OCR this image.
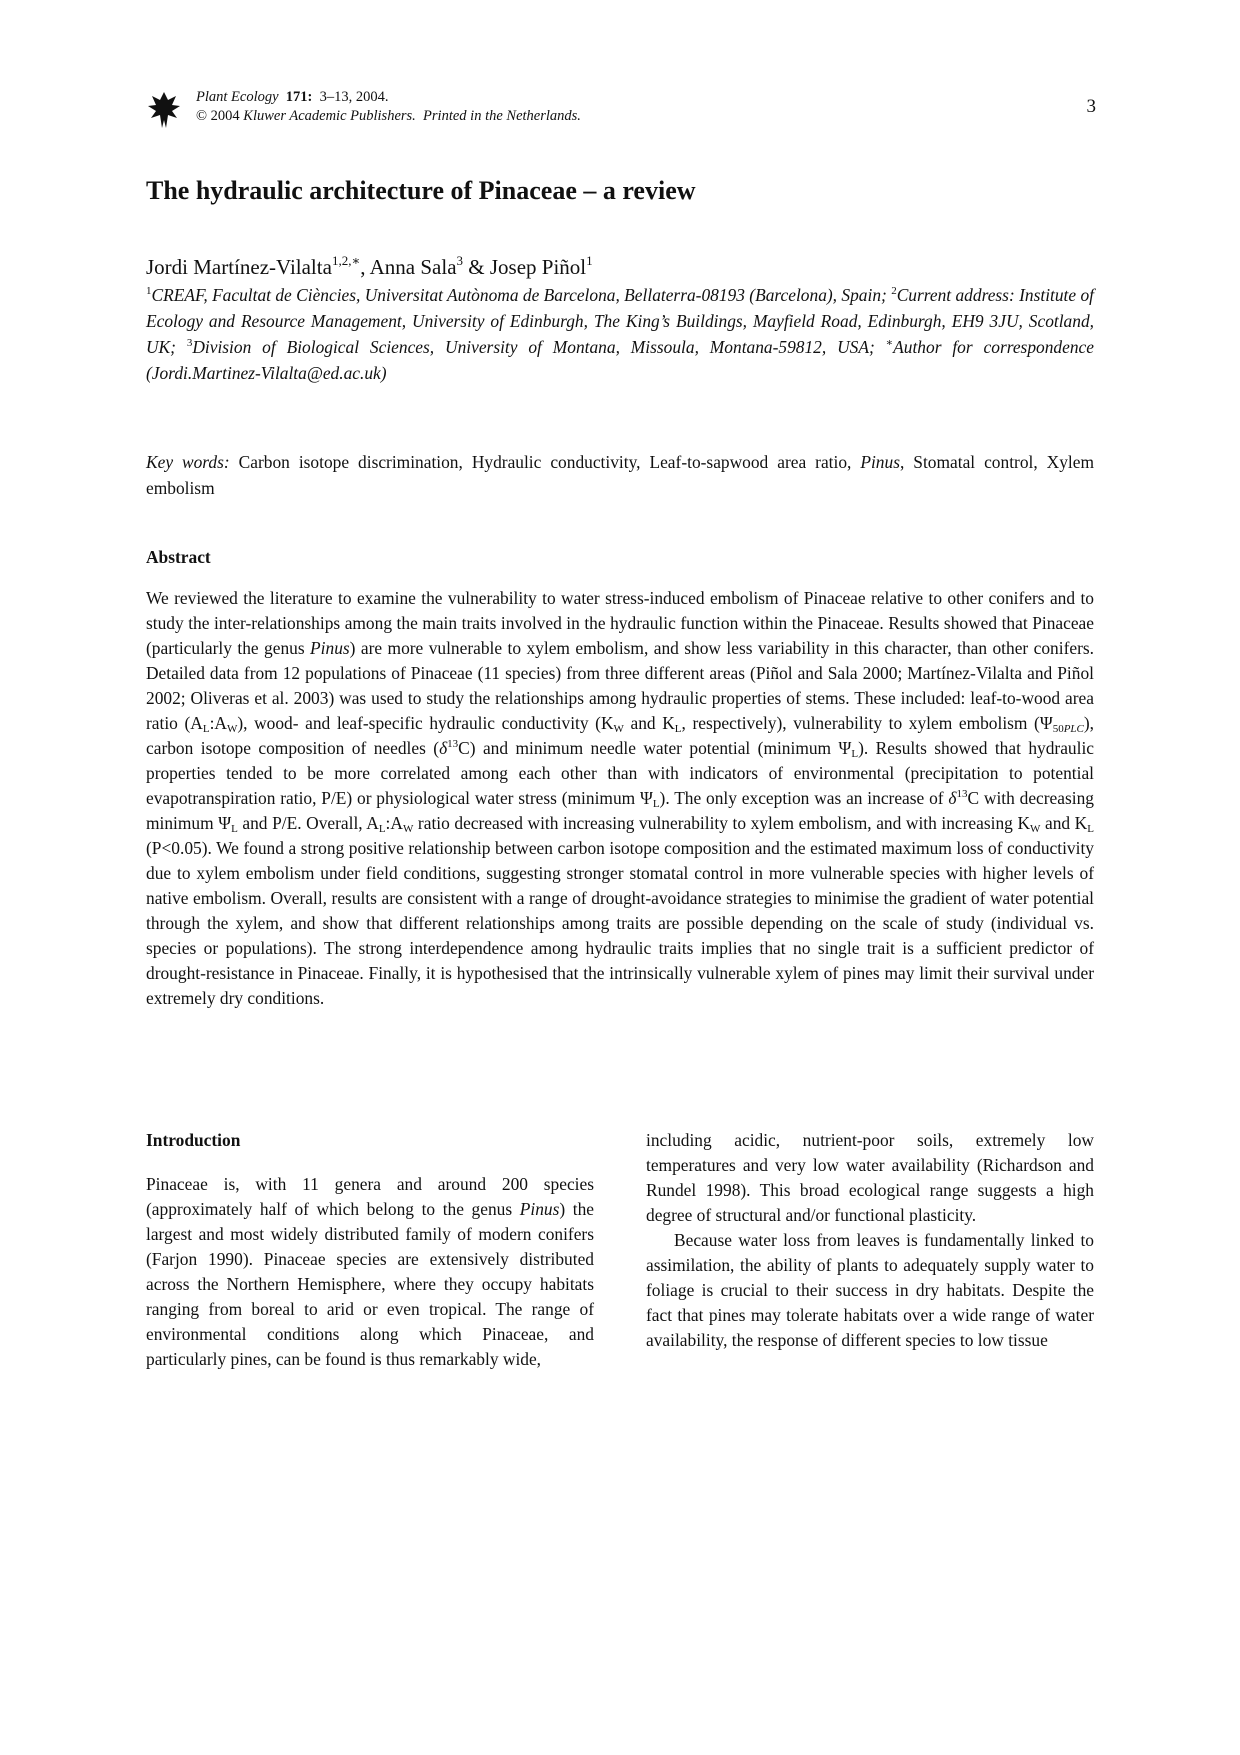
Plant Ecology 171: 3–13, 2004.
© 2004 Kluwer Academic Publishers. Printed in the Netherlands.	3
The hydraulic architecture of Pinaceae – a review
Jordi Martínez-Vilalta$^{1,2,∗}$, Anna Sala$^3$ & Josep Piñol$^1$
$^1$CREAF, Facultat de Ciències, Universitat Autònoma de Barcelona, Bellaterra-08193 (Barcelona), Spain; $^2$Current address: Institute of Ecology and Resource Management, University of Edinburgh, The King’s Buildings, Mayfield Road, Edinburgh, EH9 3JU, Scotland, UK; $^3$Division of Biological Sciences, University of Montana, Missoula, Montana-59812, USA; ∗Author for correspondence (Jordi.Martinez-Vilalta@ed.ac.uk)
Key words: Carbon isotope discrimination, Hydraulic conductivity, Leaf-to-sapwood area ratio, Pinus, Stomatal control, Xylem embolism
Abstract

We reviewed the literature to examine the vulnerability to water stress-induced embolism of Pinaceae relative to other conifers and to study the inter-relationships among the main traits involved in the hydraulic function within the Pinaceae. Results showed that Pinaceae (particularly the genus Pinus) are more vulnerable to xylem embolism, and show less variability in this character, than other conifers. Detailed data from 12 populations of Pinaceae (11 species) from three different areas (Piñol and Sala 2000; Martínez-Vilalta and Piñol 2002; Oliveras et al. 2003) was used to study the relationships among hydraulic properties of stems. These included: leaf-to-wood area ratio $(A_L:A_W)$, wood- and leaf-specific hydraulic conductivity ($K_W$ and $K_L$, respectively), vulnerability to xylem embolism $(\Psi_{50PLC})$, carbon isotope composition of needles $(\delta^{13}C)$ and minimum needle water potential (minimum $\Psi_L$). Results showed that hydraulic properties tended to be more correlated among each other than with indicators of environmental (precipitation to potential evapotranspiration ratio, P/E) or physiological water stress (minimum $\Psi_L$). The only exception was an increase of $\delta^{13}C$ with decreasing minimum $\Psi_L$ and P/E. Overall, $A_L:A_W$ ratio decreased with increasing vulnerability to xylem embolism, and with increasing $K_W$ and $K_L$ (P<0.05). We found a strong positive relationship between carbon isotope composition and the estimated maximum loss of conductivity due to xylem embolism under field conditions, suggesting stronger stomatal control in more vulnerable species with higher levels of native embolism. Overall, results are consistent with a range of drought-avoidance strategies to minimise the gradient of water potential through the xylem, and show that different relationships among traits are possible depending on the scale of study (individual vs. species or populations). The strong interdependence among hydraulic traits implies that no single trait is a sufficient predictor of drought-resistance in Pinaceae. Finally, it is hypothesised that the intrinsically vulnerable xylem of pines may limit their survival under extremely dry conditions.

Introduction

Pinaceae is, with 11 genera and around 200 species (approximately half of which belong to the genus Pinus) the largest and most widely distributed family of modern conifers (Farjon 1990). Pinaceae species are extensively distributed across the Northern Hemisphere, where they occupy habitats ranging from boreal to arid or even tropical. The range of environmental conditions along which Pinaceae, and particularly pines, can be found is thus remarkably wide,

including acidic, nutrient-poor soils, extremely low temperatures and very low water availability (Richardson and Rundel 1998). This broad ecological range suggests a high degree of structural and/or functional plasticity.

Because water loss from leaves is fundamentally linked to assimilation, the ability of plants to adequately supply water to foliage is crucial to their success in dry habitats. Despite the fact that pines may tolerate habitats over a wide range of water availability, the response of different species to low tissue
